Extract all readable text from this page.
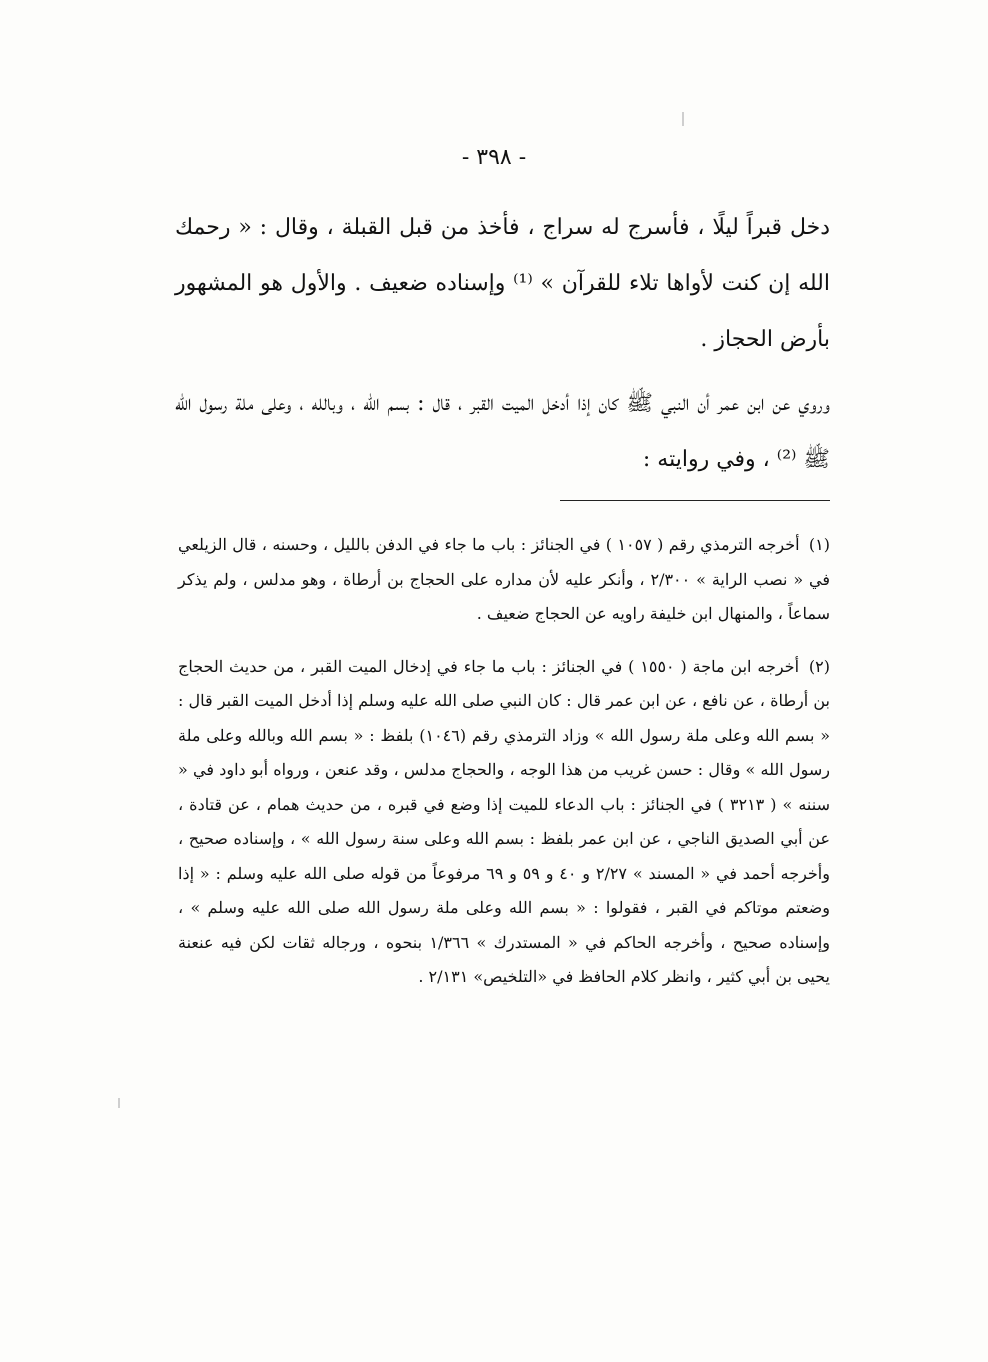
- ٣٩٨ -

دخل قبراً ليلًا ، فأسرج له سراج ، فأخذ من قبل القبلة ، وقال : « رحمك الله إن كنت لأواها تلاء للقرآن » ⁽¹⁾ وإسناده ضعيف . والأول هو المشهور بأرض الحجاز .

وروي عن ابن عمر أن النبي ﷺ كان إذا أدخل الميت القبر ، قال : بسم الله ، وبالله ، وعلى ملة رسول الله ﷺ ⁽²⁾ ، وفي روايته :

(١) أخرجه الترمذي رقم ( ١٠٥٧ ) في الجنائز : باب ما جاء في الدفن بالليل ، وحسنه ، قال الزيلعي في « نصب الراية » ٢/٣٠٠ ، وأنكر عليه لأن مداره على الحجاج بن أرطاة ، وهو مدلس ، ولم يذكر سماعاً ، والمنهال ابن خليفة راويه عن الحجاج ضعيف .

(٢) أخرجه ابن ماجة ( ١٥٥٠ ) في الجنائز : باب ما جاء في إدخال الميت القبر ، من حديث الحجاج بن أرطاة ، عن نافع ، عن ابن عمر قال : كان النبي صلى الله عليه وسلم إذا أدخل الميت القبر قال : « بسم الله وعلى ملة رسول الله » وزاد الترمذي رقم (١٠٤٦) بلفظ : « بسم الله وبالله وعلى ملة رسول الله » وقال : حسن غريب من هذا الوجه ، والحجاج مدلس ، وقد عنعن ، ورواه أبو داود في « سننه » ( ٣٢١٣ ) في الجنائز : باب الدعاء للميت إذا وضع في قبره ، من حديث همام ، عن قتادة ، عن أبي الصديق الناجي ، عن ابن عمر بلفظ : بسم الله وعلى سنة رسول الله » ، وإسناده صحيح ، وأخرجه أحمد في « المسند » ٢/٢٧ و ٤٠ و ٥٩ و ٦٩ مرفوعاً من قوله صلى الله عليه وسلم : « إذا وضعتم موتاكم في القبر ، فقولوا : « بسم الله وعلى ملة رسول الله صلى الله عليه وسلم » ، وإسناده صحيح ، وأخرجه الحاكم في « المستدرك » ١/٣٦٦ بنحوه ، ورجاله ثقات لكن فيه عنعنة يحيى بن أبي كثير ، وانظر كلام الحافظ في «التلخيص» ٢/١٣١ .
